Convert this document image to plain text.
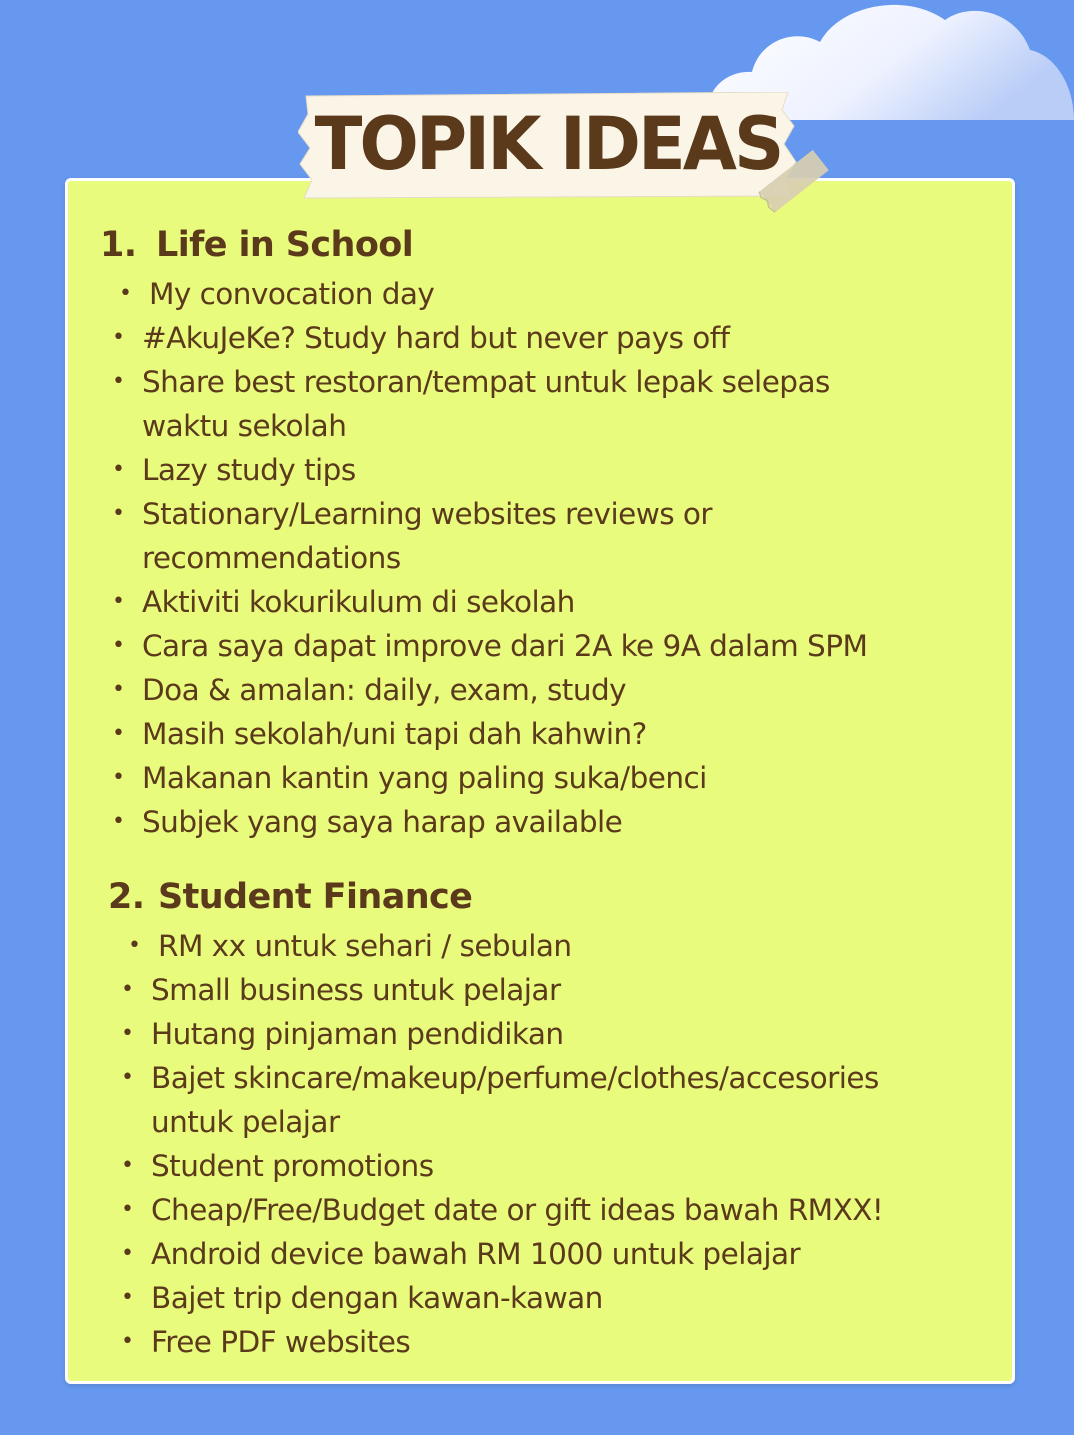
TOPIK IDEAS
1. Life in School
• My convocation day
• #AkuJeKe? Study hard but never pays off
• Share best restoran/tempat untuk lepak selepas
waktu sekolah
• Lazy study tips
• Stationary/Learning websites reviews or
recommendations
• Aktiviti kokurikulum di sekolah
• Cara saya dapat improve dari 2A ke 9A dalam SPM
• Doa & amalan: daily, exam, study
• Masih sekolah/uni tapi dah kahwin?
• Makanan kantin yang paling suka/benci
• Subjek yang saya harap available
2. Student Finance
• RM xx untuk sehari / sebulan
• Small business untuk pelajar
• Hutang pinjaman pendidikan
• Bajet skincare/makeup/perfume/clothes/accesories
untuk pelajar
• Student promotions
• Cheap/Free/Budget date or gift ideas bawah RMXX!
• Android device bawah RM 1000 untuk pelajar
• Bajet trip dengan kawan-kawan
• Free PDF websites
